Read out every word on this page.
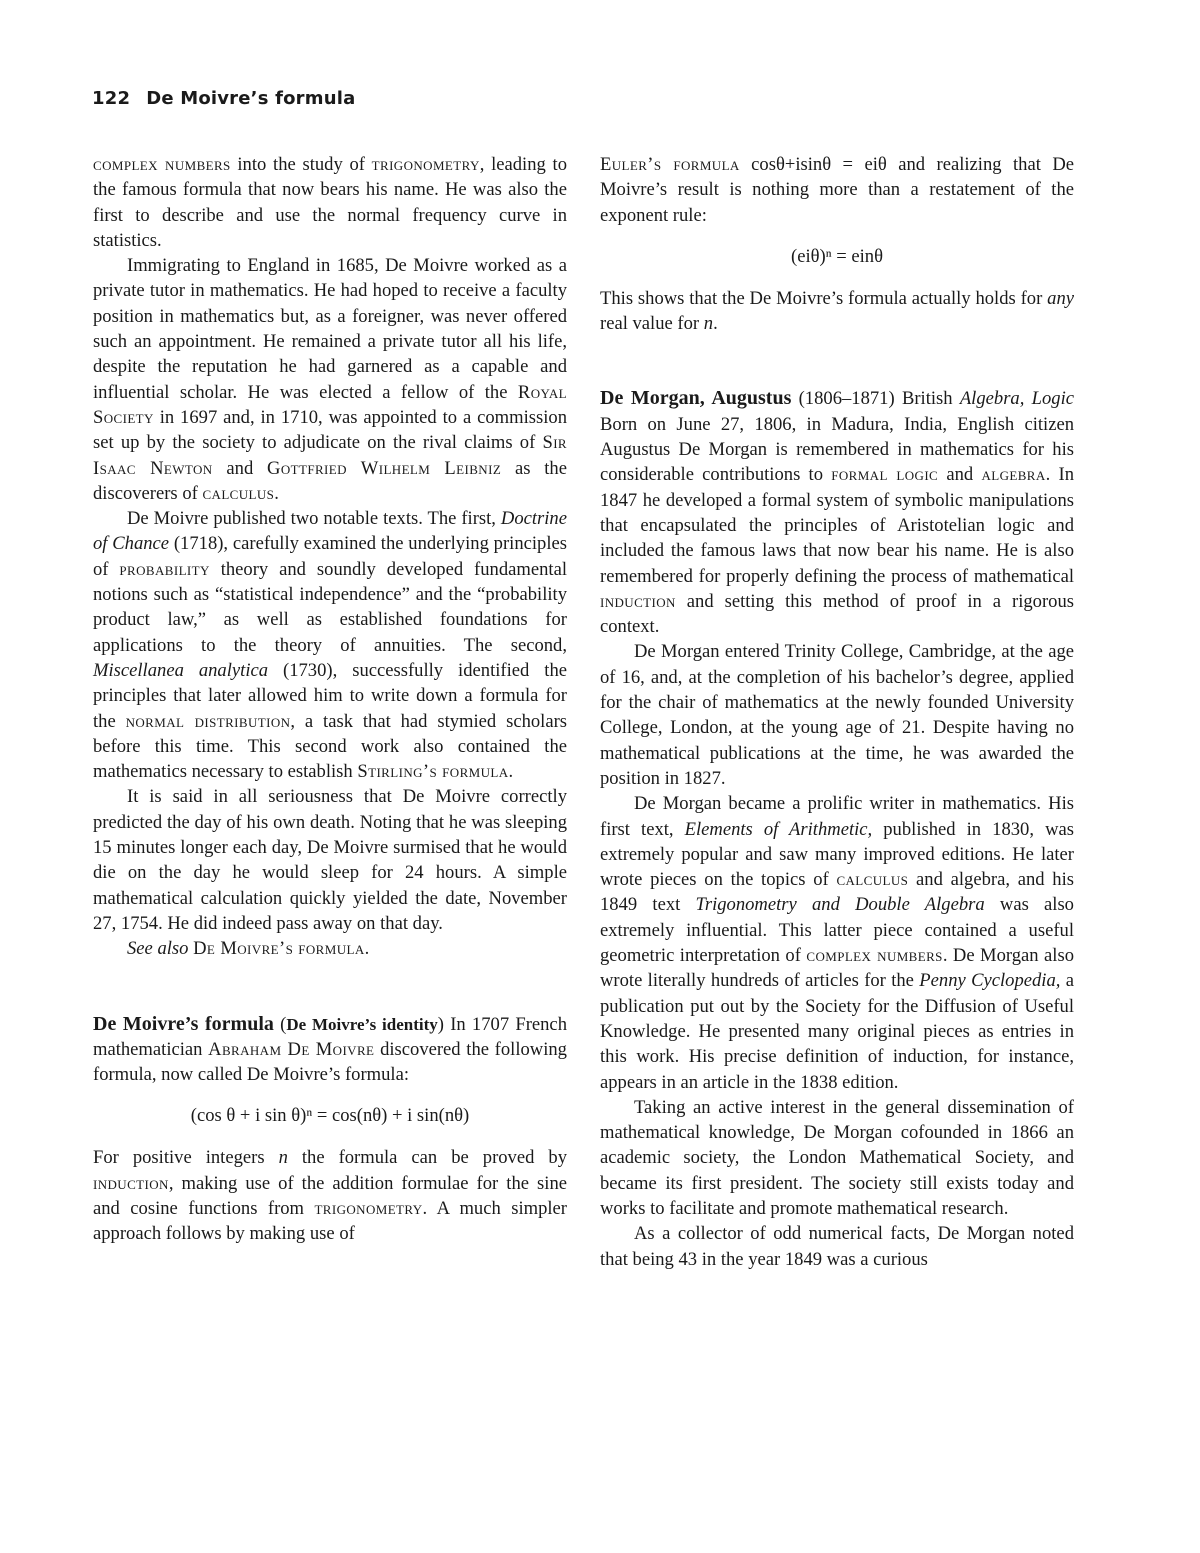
122 De Moivre’s formula

complex numbers into the study of trigonometry, leading to the famous formula that now bears his name. He was also the first to describe and use the normal frequency curve in statistics.

Immigrating to England in 1685, De Moivre worked as a private tutor in mathematics. He had hoped to receive a faculty position in mathematics but, as a foreigner, was never offered such an appointment. He remained a private tutor all his life, despite the reputation he had garnered as a capable and influential scholar. He was elected a fellow of the Royal Society in 1697 and, in 1710, was appointed to a commission set up by the society to adjudicate on the rival claims of Sir Isaac Newton and Gottfried Wilhelm Leibniz as the discoverers of calculus.

De Moivre published two notable texts. The first, Doctrine of Chance (1718), carefully examined the underlying principles of probability theory and soundly developed fundamental notions such as “statistical independence” and the “probability product law,” as well as established foundations for applications to the theory of annuities. The second, Miscellanea analytica (1730), successfully identified the principles that later allowed him to write down a formula for the normal distribution, a task that had stymied scholars before this time. This second work also contained the mathematics necessary to establish Stirling’s formula.

It is said in all seriousness that De Moivre correctly predicted the day of his own death. Noting that he was sleeping 15 minutes longer each day, De Moivre surmised that he would die on the day he would sleep for 24 hours. A simple mathematical calculation quickly yielded the date, November 27, 1754. He did indeed pass away on that day.

See also De Moivre’s formula.

De Moivre’s formula (De Moivre’s identity) In 1707 French mathematician Abraham De Moivre discovered the following formula, now called De Moivre’s formula:

(cos θ + i sin θ)ⁿ = cos(nθ) + i sin(nθ)

For positive integers n the formula can be proved by induction, making use of the addition formulae for the sine and cosine functions from trigonometry. A much simpler approach follows by making use of

Euler’s formula cosθ+isinθ = eiθ and realizing that De Moivre’s result is nothing more than a restatement of the exponent rule:

(eiθ)ⁿ = einθ

This shows that the De Moivre’s formula actually holds for any real value for n.

De Morgan, Augustus (1806–1871) British Algebra, Logic Born on June 27, 1806, in Madura, India, English citizen Augustus De Morgan is remembered in mathematics for his considerable contributions to formal logic and algebra. In 1847 he developed a formal system of symbolic manipulations that encapsulated the principles of Aristotelian logic and included the famous laws that now bear his name. He is also remembered for properly defining the process of mathematical induction and setting this method of proof in a rigorous context.

De Morgan entered Trinity College, Cambridge, at the age of 16, and, at the completion of his bachelor’s degree, applied for the chair of mathematics at the newly founded University College, London, at the young age of 21. Despite having no mathematical publications at the time, he was awarded the position in 1827.

De Morgan became a prolific writer in mathematics. His first text, Elements of Arithmetic, published in 1830, was extremely popular and saw many improved editions. He later wrote pieces on the topics of calculus and algebra, and his 1849 text Trigonometry and Double Algebra was also extremely influential. This latter piece contained a useful geometric interpretation of complex numbers. De Morgan also wrote literally hundreds of articles for the Penny Cyclopedia, a publication put out by the Society for the Diffusion of Useful Knowledge. He presented many original pieces as entries in this work. His precise definition of induction, for instance, appears in an article in the 1838 edition.

Taking an active interest in the general dissemination of mathematical knowledge, De Morgan cofounded in 1866 an academic society, the London Mathematical Society, and became its first president. The society still exists today and works to facilitate and promote mathematical research.

As a collector of odd numerical facts, De Morgan noted that being 43 in the year 1849 was a curious
